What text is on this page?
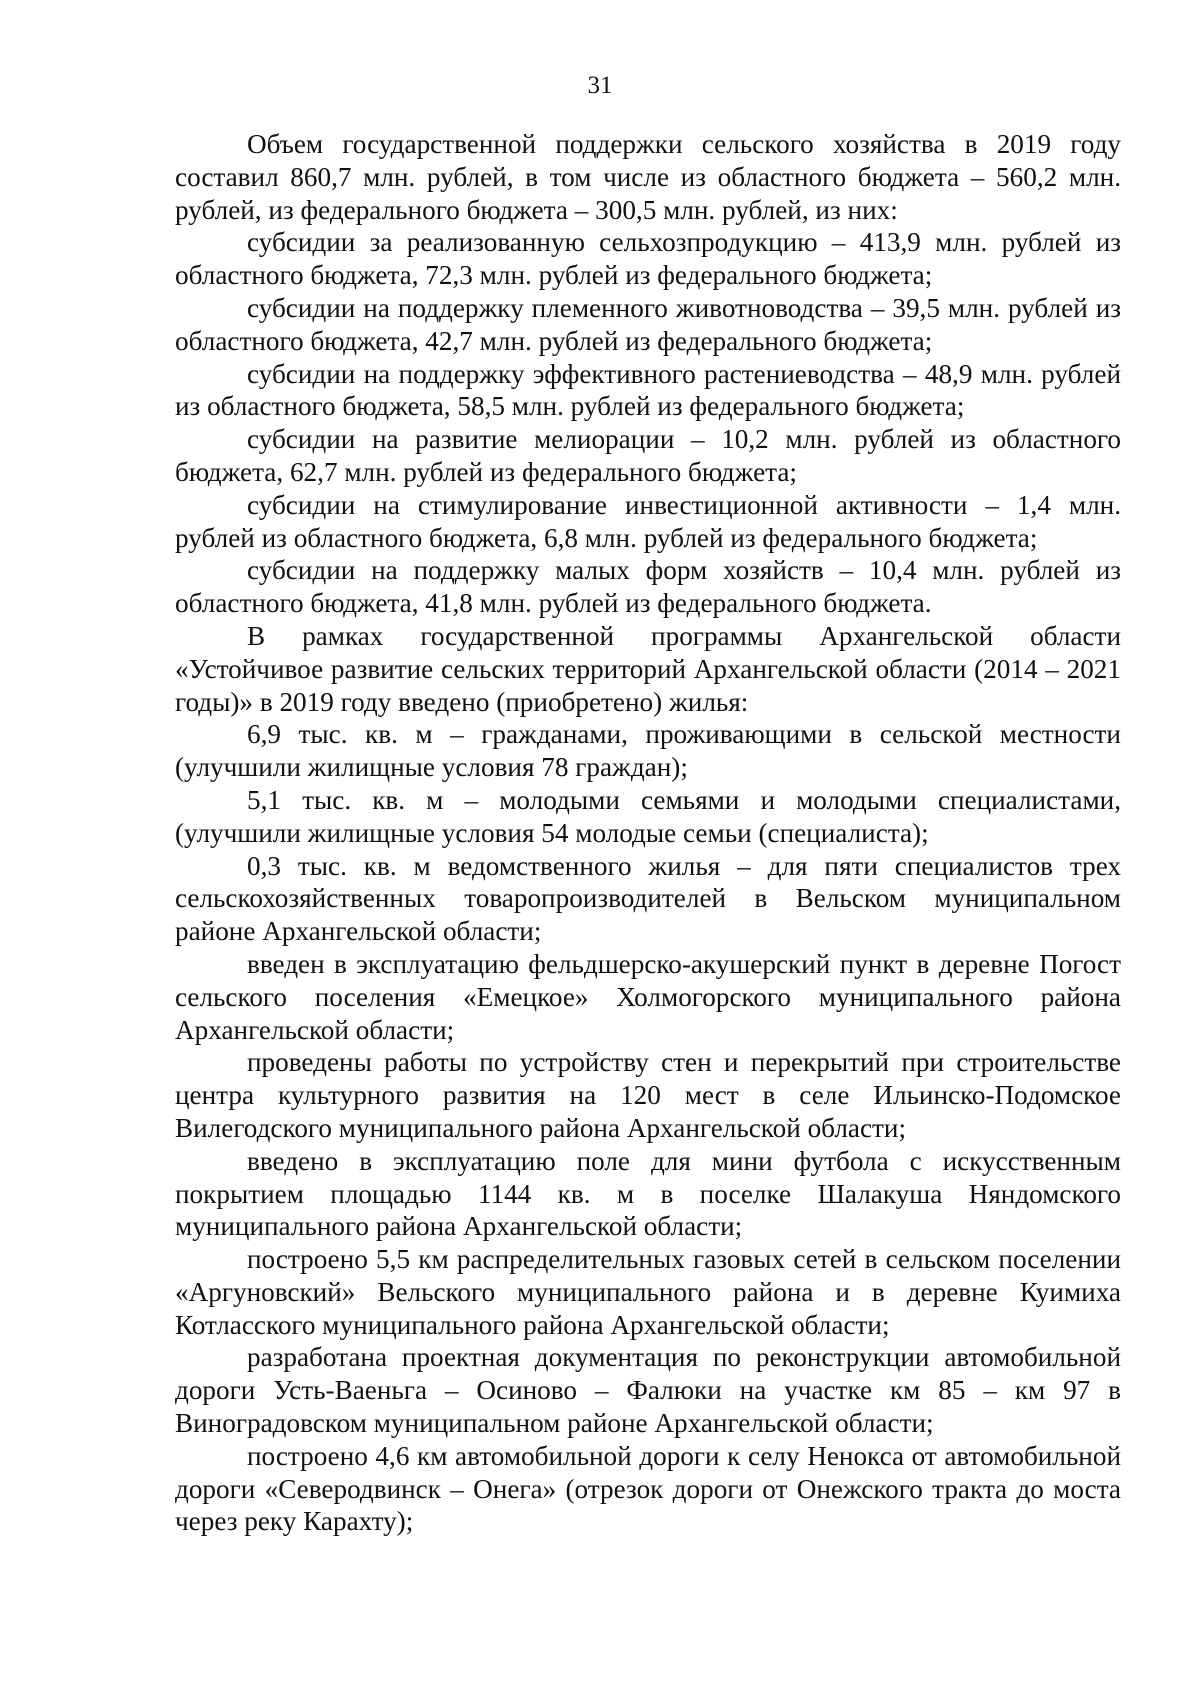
31

Объем государственной поддержки сельского хозяйства в 2019 году составил 860,7 млн. рублей, в том числе из областного бюджета – 560,2 млн. рублей, из федерального бюджета – 300,5 млн. рублей, из них:

субсидии за реализованную сельхозпродукцию – 413,9 млн. рублей из областного бюджета, 72,3 млн. рублей из федерального бюджета;

субсидии на поддержку племенного животноводства – 39,5 млн. рублей из областного бюджета, 42,7 млн. рублей из федерального бюджета;

субсидии на поддержку эффективного растениеводства – 48,9 млн. рублей из областного бюджета, 58,5 млн. рублей из федерального бюджета;

субсидии на развитие мелиорации – 10,2 млн. рублей из областного бюджета, 62,7 млн. рублей из федерального бюджета;

субсидии на стимулирование инвестиционной активности – 1,4 млн. рублей из областного бюджета, 6,8 млн. рублей из федерального бюджета;

субсидии на поддержку малых форм хозяйств – 10,4 млн. рублей из областного бюджета, 41,8 млн. рублей из федерального бюджета.

В рамках государственной программы Архангельской области «Устойчивое развитие сельских территорий Архангельской области (2014 – 2021 годы)» в 2019 году введено (приобретено) жилья:

6,9 тыс. кв. м – гражданами, проживающими в сельской местности (улучшили жилищные условия 78 граждан);

5,1 тыс. кв. м – молодыми семьями и молодыми специалистами, (улучшили жилищные условия 54 молодые семьи (специалиста);

0,3 тыс. кв. м ведомственного жилья – для пяти специалистов трех сельскохозяйственных товаропроизводителей в Вельском муниципальном районе Архангельской области;

введен в эксплуатацию фельдшерско-акушерский пункт в деревне Погост сельского поселения «Емецкое» Холмогорского муниципального района Архангельской области;

проведены работы по устройству стен и перекрытий при строительстве центра культурного развития на 120 мест в селе Ильинско-Подомское Вилегодского муниципального района Архангельской области;

введено в эксплуатацию поле для мини футбола с искусственным покрытием площадью 1144 кв. м в поселке Шалакуша Няндомского муниципального района Архангельской области;

построено 5,5 км распределительных газовых сетей в сельском поселении «Аргуновский» Вельского муниципального района и в деревне Куимиха Котласского муниципального района Архангельской области;

разработана проектная документация по реконструкции автомобильной дороги Усть-Ваеньга – Осиново – Фалюки на участке км 85 – км 97 в Виноградовском муниципальном районе Архангельской области;

построено 4,6 км автомобильной дороги к селу Ненокса от автомобильной дороги «Северодвинск – Онега» (отрезок дороги от Онежского тракта до моста через реку Карахту);
